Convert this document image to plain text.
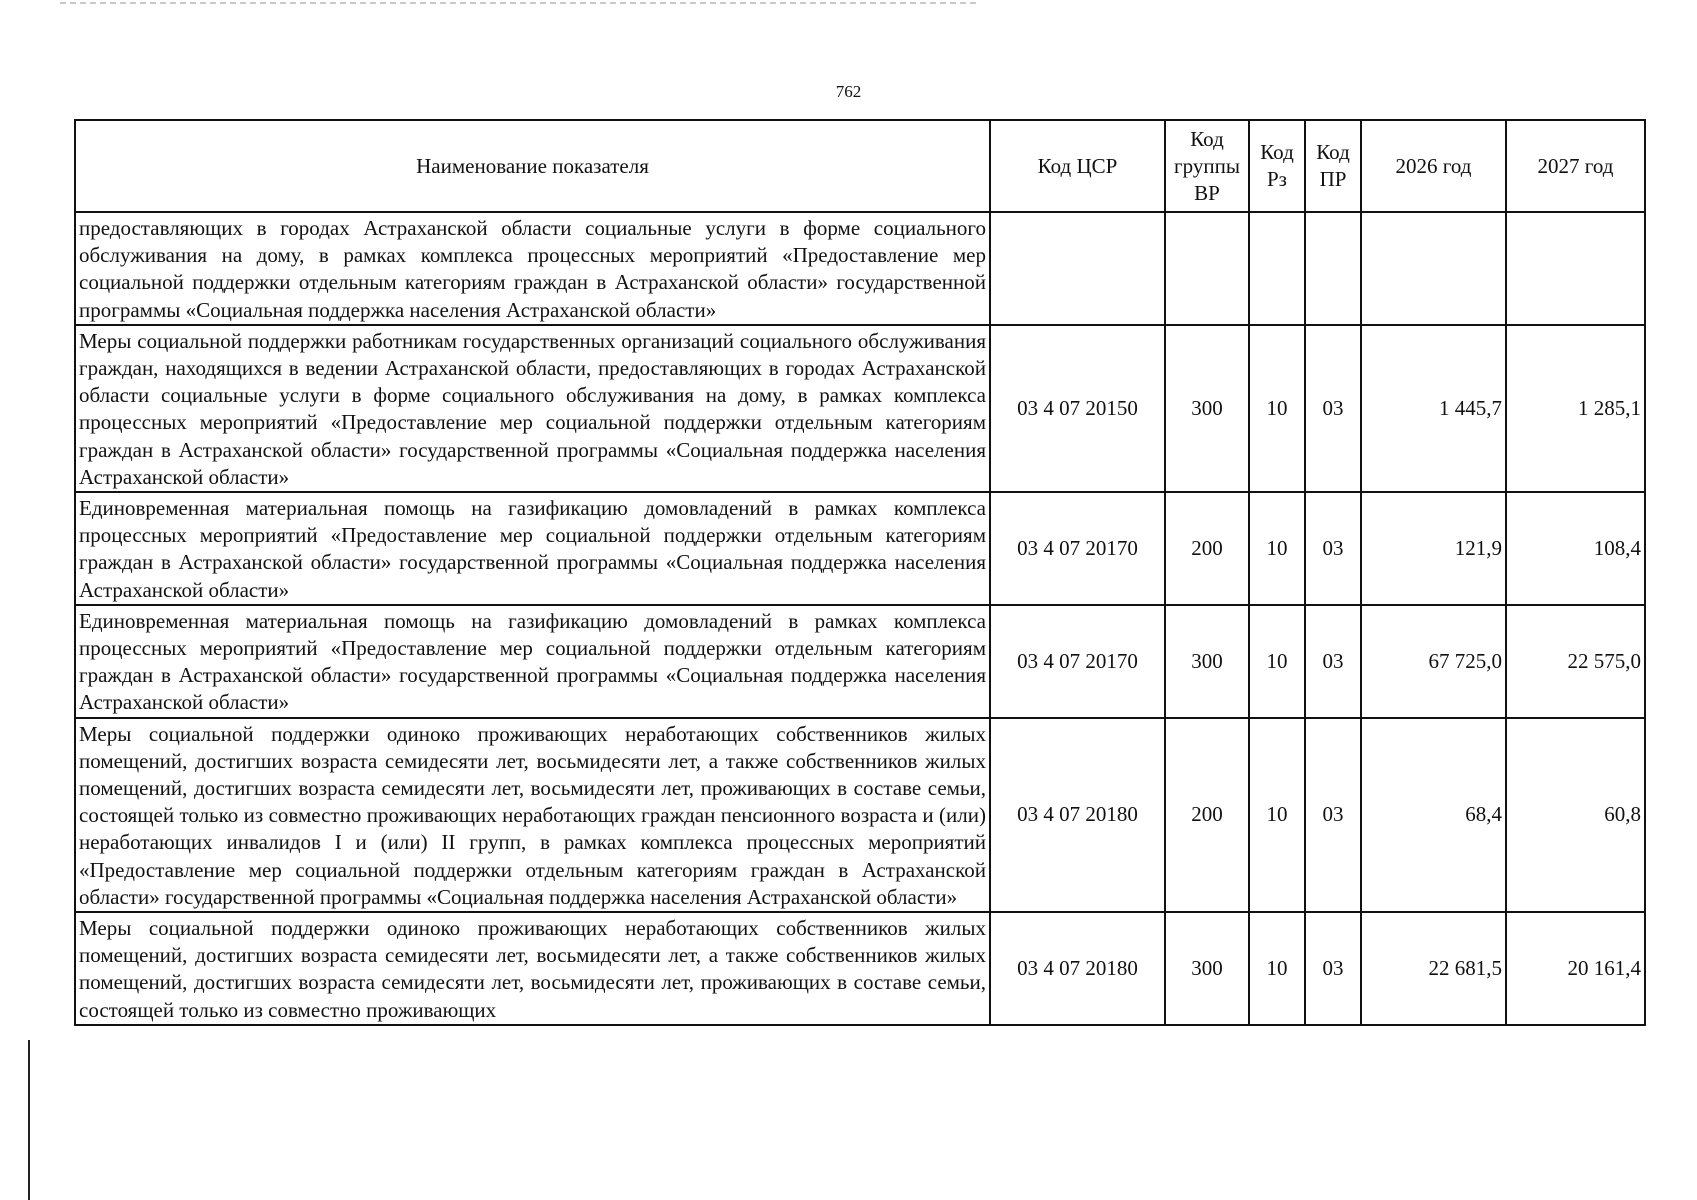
762
Наименование показателя	Код ЦСР	Код группы ВР	Код Рз	Код ПР	2026 год	2027 год
предоставляющих в городах Астраханской области социальные услуги в форме социального обслуживания на дому, в рамках комплекса процессных мероприятий «Предоставление мер социальной поддержки отдельным категориям граждан в Астраханской области» государственной программы «Социальная поддержка населения Астраханской области»						
Меры социальной поддержки работникам государственных организаций социального обслуживания граждан, находящихся в ведении Астраханской области, предоставляющих в городах Астраханской области социальные услуги в форме социального обслуживания на дому, в рамках комплекса процессных мероприятий «Предоставление мер социальной поддержки отдельным категориям граждан в Астраханской области» государственной программы «Социальная поддержка населения Астраханской области»	03 4 07 20150	300	10	03	1 445,7	1 285,1
Единовременная материальная помощь на газификацию домовладений в рамках комплекса процессных мероприятий «Предоставление мер социальной поддержки отдельным категориям граждан в Астраханской области» государственной программы «Социальная поддержка населения Астраханской области»	03 4 07 20170	200	10	03	121,9	108,4
Единовременная материальная помощь на газификацию домовладений в рамках комплекса процессных мероприятий «Предоставление мер социальной поддержки отдельным категориям граждан в Астраханской области» государственной программы «Социальная поддержка населения Астраханской области»	03 4 07 20170	300	10	03	67 725,0	22 575,0
Меры социальной поддержки одиноко проживающих неработающих собственников жилых помещений, достигших возраста семидесяти лет, восьмидесяти лет, а также собственников жилых помещений, достигших возраста семидесяти лет, восьмидесяти лет, проживающих в составе семьи, состоящей только из совместно проживающих неработающих граждан пенсионного возраста и (или) неработающих инвалидов I и (или) II групп, в рамках комплекса процессных мероприятий «Предоставление мер социальной поддержки отдельным категориям граждан в Астраханской области» государственной программы «Социальная поддержка населения Астраханской области»	03 4 07 20180	200	10	03	68,4	60,8
Меры социальной поддержки одиноко проживающих неработающих собственников жилых помещений, достигших возраста семидесяти лет, восьмидесяти лет, а также собственников жилых помещений, достигших возраста семидесяти лет, восьмидесяти лет, проживающих в составе семьи, состоящей только из совместно проживающих	03 4 07 20180	300	10	03	22 681,5	20 161,4
